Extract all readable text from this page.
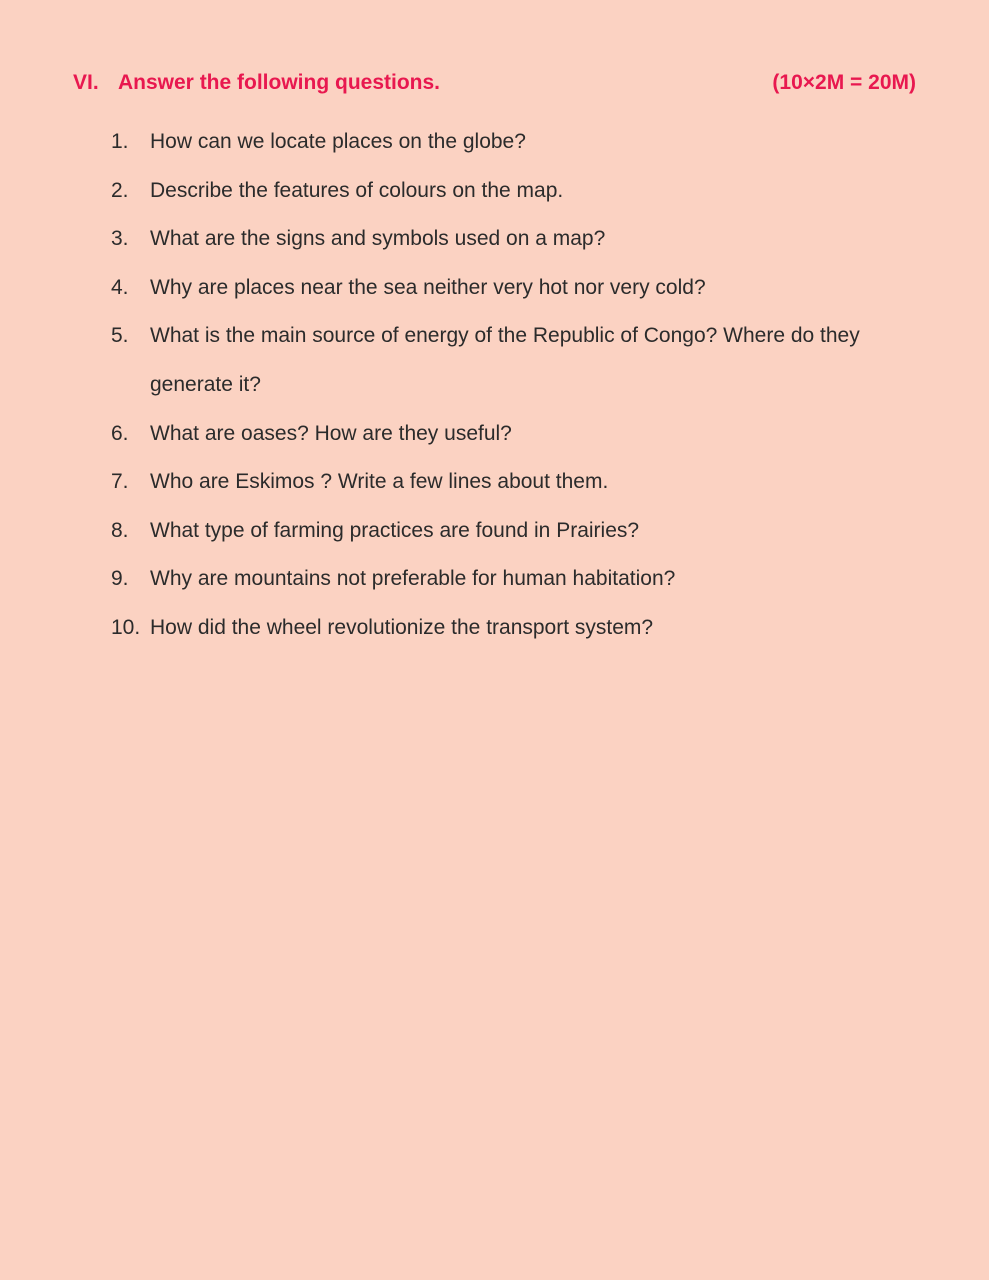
VI. Answer the following questions.	(10×2M = 20M)
1. How can we locate places on the globe?
2. Describe the features of colours on the map.
3. What are the signs and symbols used on a map?
4. Why are places near the sea neither very hot nor very cold?
5. What is the main source of energy of the Republic of Congo? Where do they generate it?
6. What are oases? How are they useful?
7. Who are Eskimos ? Write a few lines about them.
8. What type of farming practices are found in Prairies?
9. Why are mountains not preferable for human habitation?
10. How did the wheel revolutionize the transport system?
